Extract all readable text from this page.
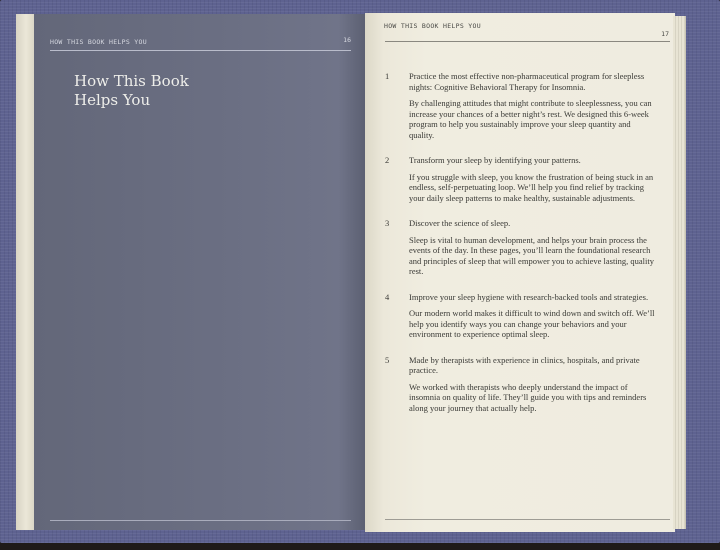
HOW THIS BOOK HELPS YOU	16
How This Book
Helps You
HOW THIS BOOK HELPS YOU
17
1 Practice the most effective non-pharmaceutical program for sleepless nights: Cognitive Behavioral Therapy for Insomnia.

By challenging attitudes that might contribute to sleeplessness, you can increase your chances of a better night’s rest. We designed this 6-week program to help you sustainably improve your sleep quantity and quality.

2 Transform your sleep by identifying your patterns.

If you struggle with sleep, you know the frustration of being stuck in an endless, self-perpetuating loop. We’ll help you find relief by tracking your daily sleep patterns to make healthy, sustainable adjustments.

3 Discover the science of sleep.

Sleep is vital to human development, and helps your brain process the events of the day. In these pages, you’ll learn the foundational research and principles of sleep that will empower you to achieve lasting, quality rest.

4 Improve your sleep hygiene with research-backed tools and strategies.

Our modern world makes it difficult to wind down and switch off. We’ll help you identify ways you can change your behaviors and your environment to experience optimal sleep.

5 Made by therapists with experience in clinics, hospitals, and private practice.

We worked with therapists who deeply understand the impact of insomnia on quality of life. They’ll guide you with tips and reminders along your journey that actually help.
